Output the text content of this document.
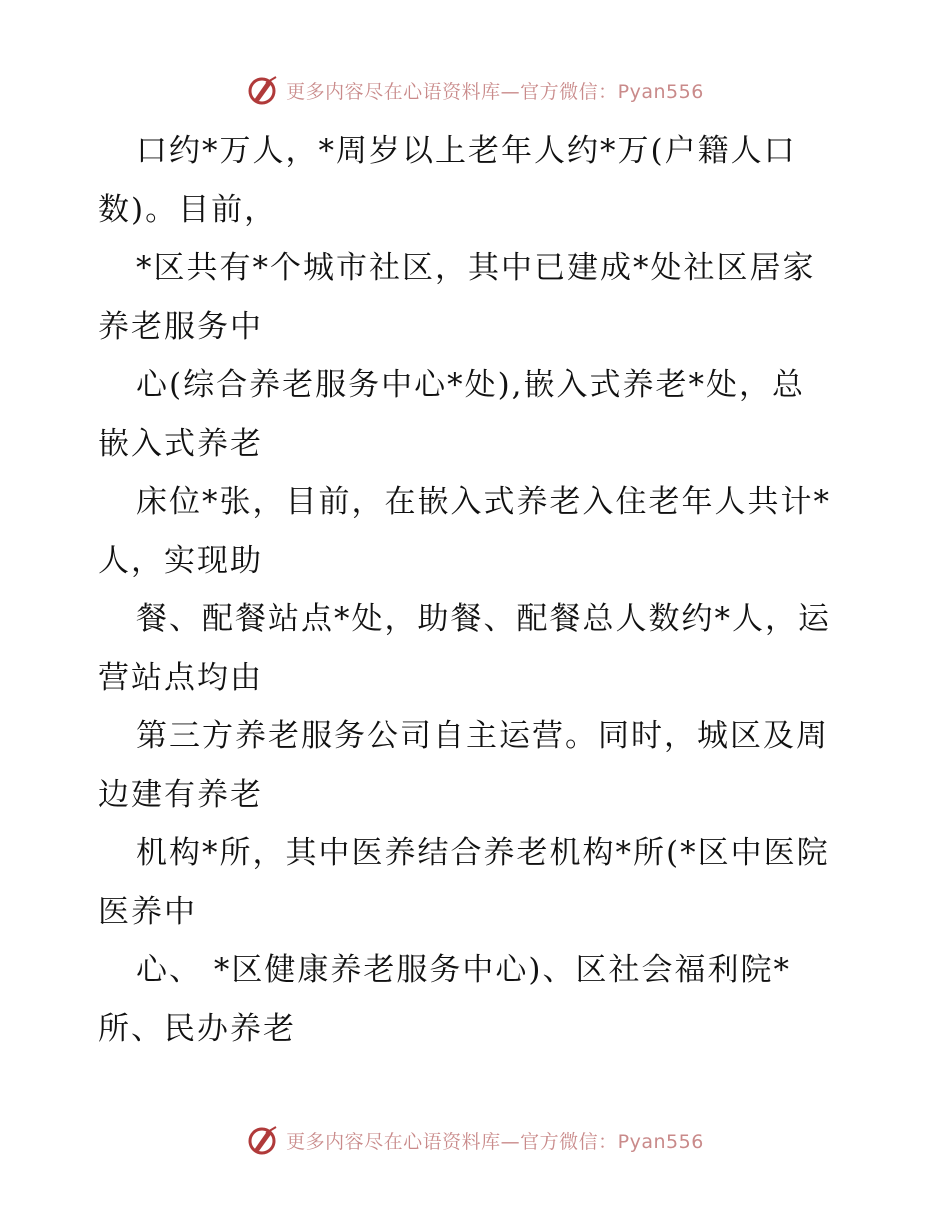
更多内容尽在心语资料库—官方微信：Pyan556
口约*万人，*周岁以上老年人约*万(户籍人口
数)。目前，
*区共有*个城市社区，其中已建成*处社区居家
养老服务中
心(综合养老服务中心*处),嵌入式养老*处，总
嵌入式养老
床位*张，目前，在嵌入式养老入住老年人共计*
人，实现助
餐、配餐站点*处，助餐、配餐总人数约*人，运
营站点均由
第三方养老服务公司自主运营。同时，城区及周
边建有养老
机构*所，其中医养结合养老机构*所(*区中医院
医养中
心、 *区健康养老服务中心)、区社会福利院*
所、民办养老
更多内容尽在心语资料库—官方微信：Pyan556
